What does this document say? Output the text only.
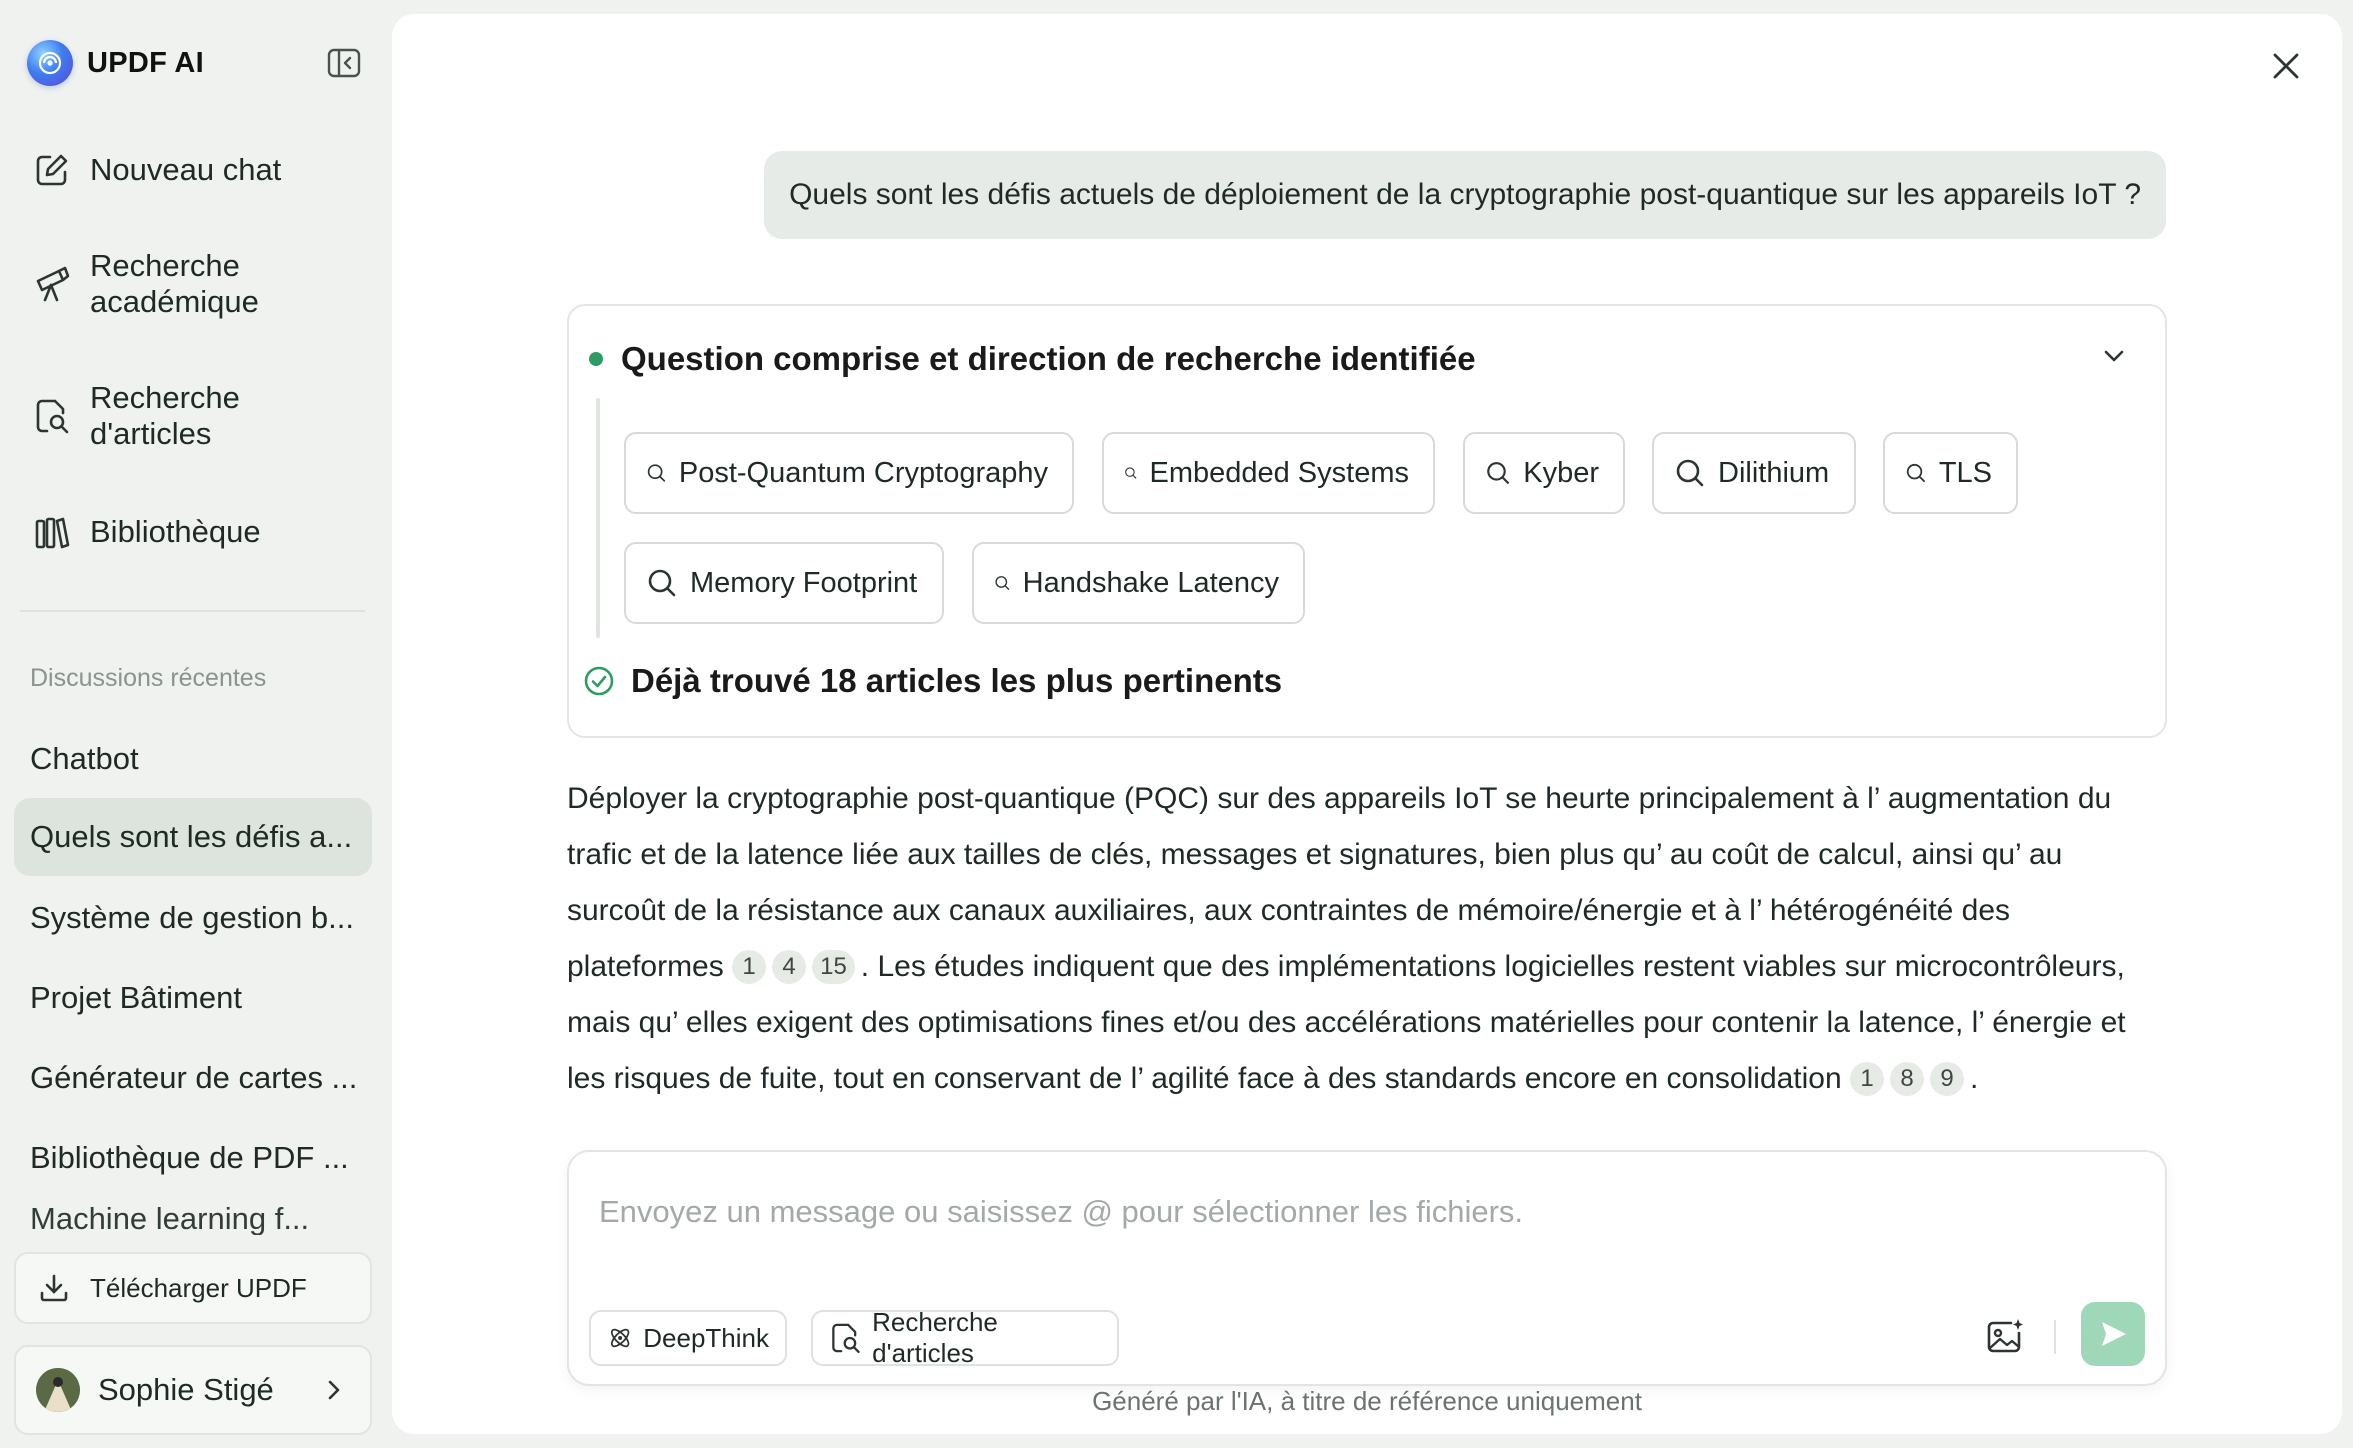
UPDF AI
Nouveau chat
Recherche académique
Recherche d'articles
Bibliothèque
Discussions récentes
Chatbot
Quels sont les défis a...
Système de gestion b...
Projet Bâtiment
Générateur de cartes ...
Bibliothèque de PDF ...
Machine learning f...
Télécharger UPDF
Sophie Stigé
Quels sont les défis actuels de déploiement de la cryptographie post-quantique sur les appareils IoT ?
Question comprise et direction de recherche identifiée
Post-Quantum Cryptography	Embedded Systems	Kyber	Dilithium	TLS
Memory Footprint	Handshake Latency
Déjà trouvé 18 articles les plus pertinents
Déployer la cryptographie post-quantique (PQC) sur des appareils IoT se heurte principalement à l’ augmentation du trafic et de la latence liée aux tailles de clés, messages et signatures, bien plus qu’ au coût de calcul, ainsi qu’ au surcoût de la résistance aux canaux auxiliaires, aux contraintes de mémoire/énergie et à l’ hétérogénéité des plateformes 1 4 15 . Les études indiquent que des implémentations logicielles restent viables sur microcontrôleurs, mais qu’ elles exigent des optimisations fines et/ou des accélérations matérielles pour contenir la latence, l’ énergie et les risques de fuite, tout en conservant de l’ agilité face à des standards encore en consolidation 1 8 9 .
Envoyez un message ou saisissez @ pour sélectionner les fichiers.
DeepThink
Recherche d'articles
Généré par l'IA, à titre de référence uniquement
